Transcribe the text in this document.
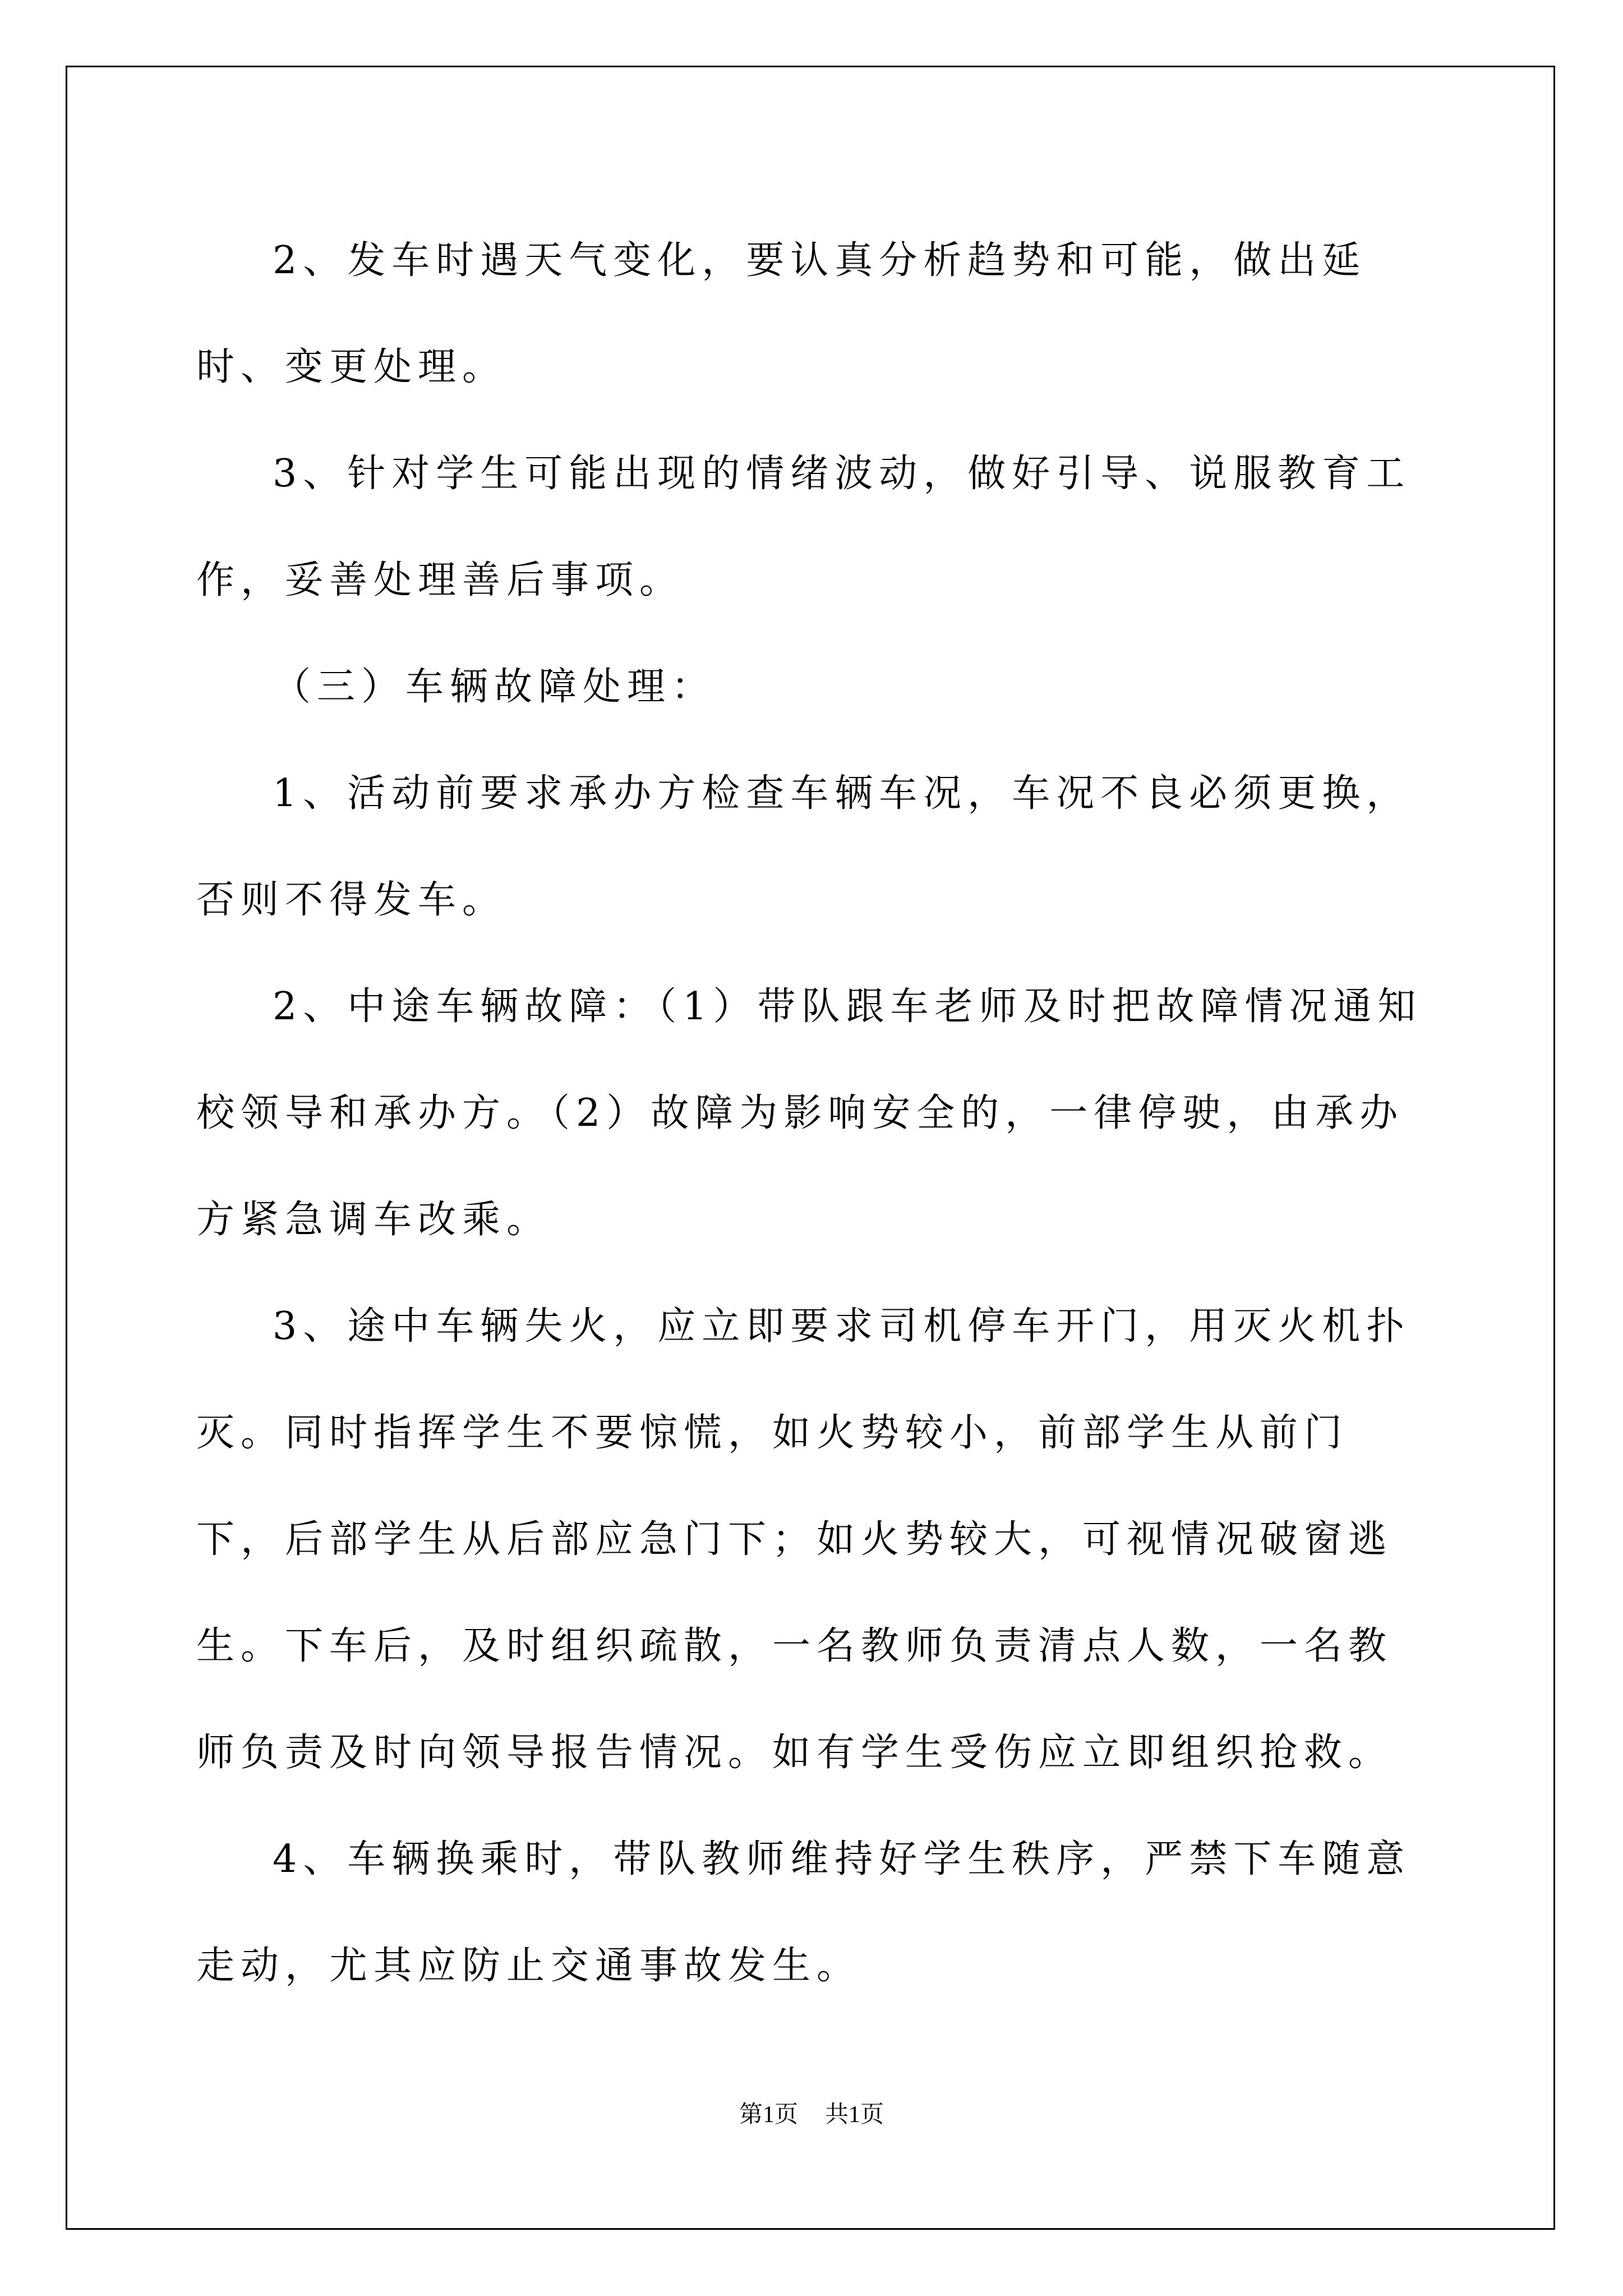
2、发车时遇天气变化，要认真分析趋势和可能，做出延时、变更处理。

3、针对学生可能出现的情绪波动，做好引导、说服教育工作，妥善处理善后事项。

（三）车辆故障处理：

1、活动前要求承办方检查车辆车况，车况不良必须更换，否则不得发车。

2、中途车辆故障：（1）带队跟车老师及时把故障情况通知校领导和承办方。（2）故障为影响安全的，一律停驶，由承办方紧急调车改乘。

3、途中车辆失火，应立即要求司机停车开门，用灭火机扑灭。同时指挥学生不要惊慌，如火势较小，前部学生从前门下，后部学生从后部应急门下；如火势较大，可视情况破窗逃生。下车后，及时组织疏散，一名教师负责清点人数，一名教师负责及时向领导报告情况。如有学生受伤应立即组织抢救。

4、车辆换乘时，带队教师维持好学生秩序，严禁下车随意走动，尤其应防止交通事故发生。

第1页 共1页
